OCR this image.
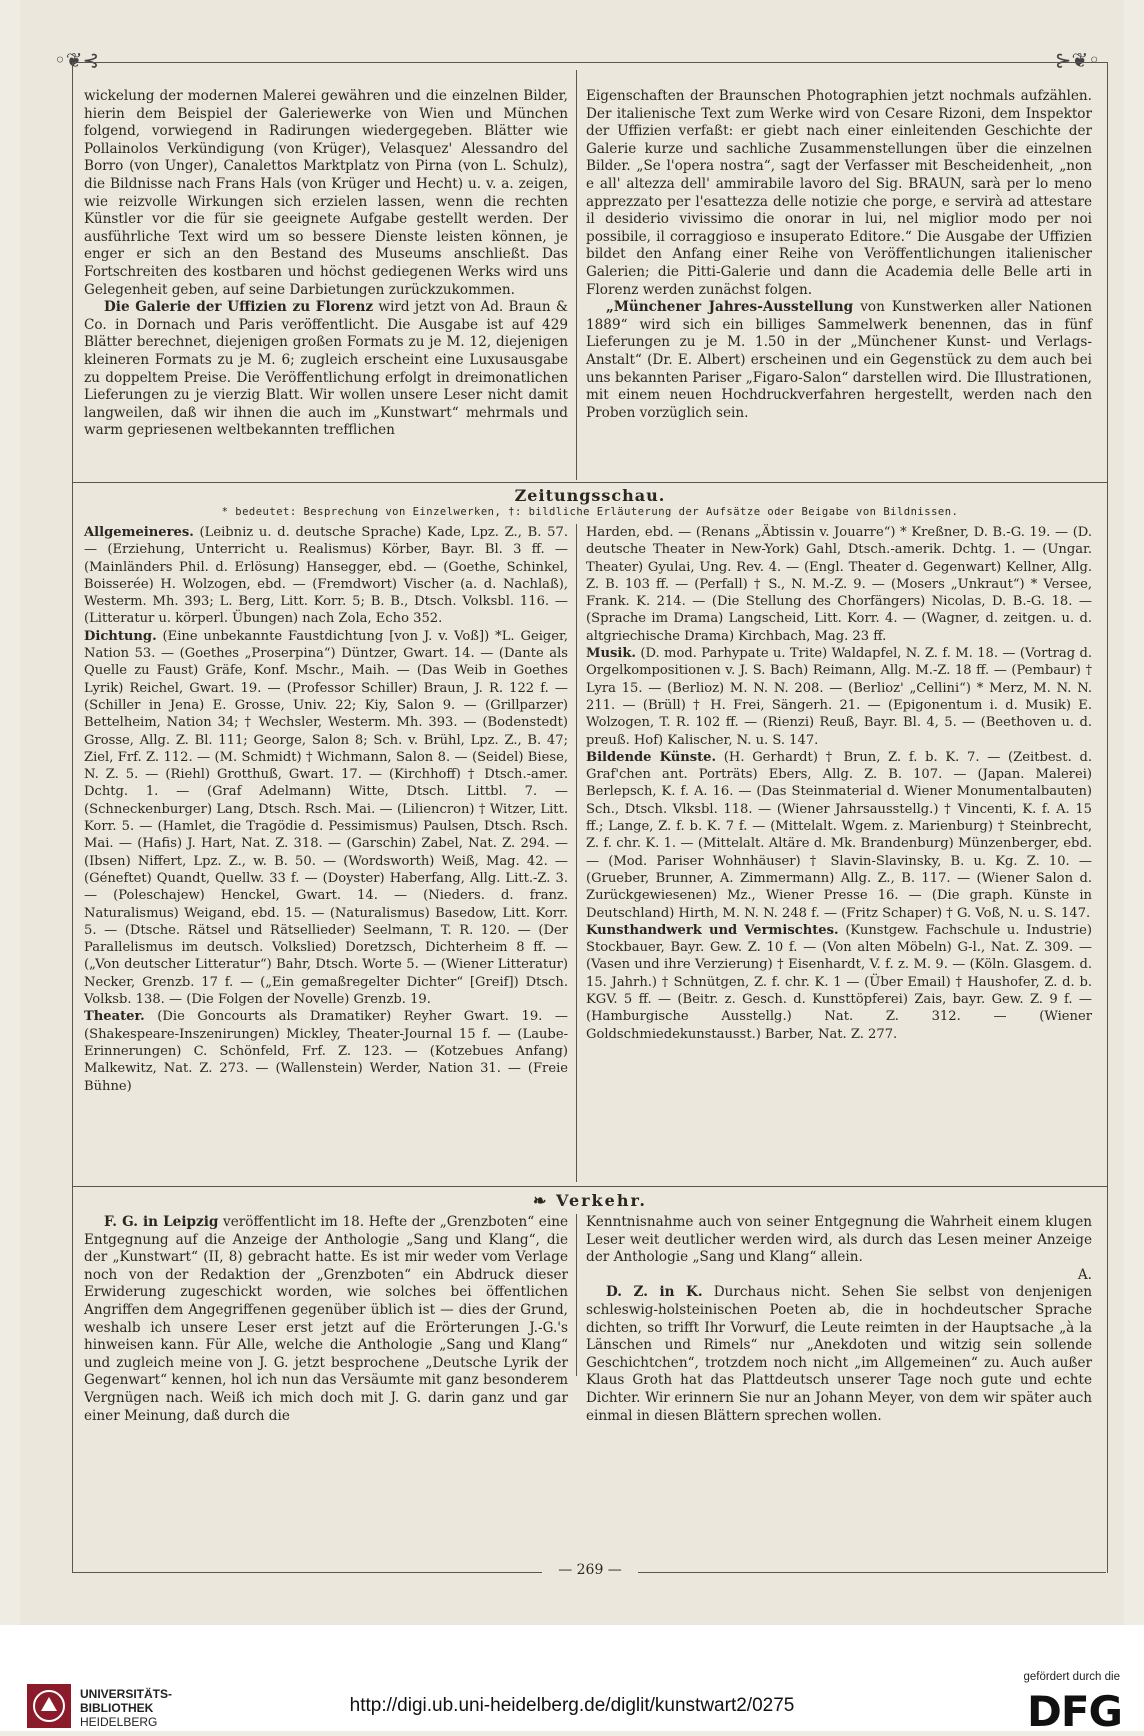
◦❦⊰	⊱❦◦

wickelung der modernen Malerei gewähren und die einzelnen Bilder, hierin dem Beispiel der Galeriewerke von Wien und München folgend, vorwiegend in Radirungen wiedergegeben. Blätter wie Pollainolos Verkündigung (von Krüger), Velasquez' Alessandro del Borro (von Unger), Canalettos Marktplatz von Pirna (von L. Schulz), die Bildnisse nach Frans Hals (von Krüger und Hecht) u. v. a. zeigen, wie reizvolle Wirkungen sich erzielen lassen, wenn die rechten Künstler vor die für sie geeignete Aufgabe gestellt werden. Der ausführliche Text wird um so bessere Dienste leisten können, je enger er sich an den Bestand des Museums anschließt. Das Fortschreiten des kostbaren und höchst gediegenen Werks wird uns Gelegenheit geben, auf seine Darbietungen zurückzukommen.

Die Galerie der Uffizien zu Florenz wird jetzt von Ad. Braun & Co. in Dornach und Paris veröffentlicht. Die Ausgabe ist auf 429 Blätter berechnet, diejenigen großen Formats zu je M. 12, diejenigen kleineren Formats zu je M. 6; zugleich erscheint eine Luxusausgabe zu doppeltem Preise. Die Veröffentlichung erfolgt in dreimonatlichen Lieferungen zu je vierzig Blatt. Wir wollen unsere Leser nicht damit langweilen, daß wir ihnen die auch im „Kunstwart“ mehrmals und warm gepriesenen weltbekannten trefflichen

Eigenschaften der Braunschen Photographien jetzt nochmals aufzählen. Der italienische Text zum Werke wird von Cesare Rizoni, dem Inspektor der Uffizien verfaßt: er giebt nach einer einleitenden Geschichte der Galerie kurze und sachliche Zusammenstellungen über die einzelnen Bilder. „Se l'opera nostra“, sagt der Verfasser mit Bescheidenheit, „non e all' altezza dell' ammirabile lavoro del Sig. BRAUN, sarà per lo meno apprezzato per l'esattezza delle notizie che porge, e servirà ad attestare il desiderio vivissimo die onorar in lui, nel miglior modo per noi possibile, il corraggioso e insuperato Editore.“ Die Ausgabe der Uffizien bildet den Anfang einer Reihe von Veröffentlichungen italienischer Galerien; die Pitti-Galerie und dann die Academia delle Belle arti in Florenz werden zunächst folgen.

„Münchener Jahres-Ausstellung von Kunstwerken aller Nationen 1889“ wird sich ein billiges Sammelwerk benennen, das in fünf Lieferungen zu je M. 1.50 in der „Münchener Kunst- und Verlags-Anstalt“ (Dr. E. Albert) erscheinen und ein Gegenstück zu dem auch bei uns bekannten Pariser „Figaro-Salon“ darstellen wird. Die Illustrationen, mit einem neuen Hochdruckverfahren hergestellt, werden nach den Proben vorzüglich sein.

Zeitungsschau.
* bedeutet: Besprechung von Einzelwerken, †: bildliche Erläuterung der Aufsätze oder Beigabe von Bildnissen.

Allgemeineres. (Leibniz u. d. deutsche Sprache) Kade, Lpz. Z., B. 57. — (Erziehung, Unterricht u. Realismus) Körber, Bayr. Bl. 3 ff. — (Mainländers Phil. d. Erlösung) Hansegger, ebd. — (Goethe, Schinkel, Boisserée) H. Wolzogen, ebd. — (Fremdwort) Vischer (a. d. Nachlaß), Westerm. Mh. 393; L. Berg, Litt. Korr. 5; B. B., Dtsch. Volksbl. 116. — (Litteratur u. körperl. Übungen) nach Zola, Echo 352.

Dichtung. (Eine unbekannte Faustdichtung [von J. v. Voß]) *L. Geiger, Nation 53. — (Goethes „Proserpina“) Düntzer, Gwart. 14. — (Dante als Quelle zu Faust) Gräfe, Konf. Mschr., Maih. — (Das Weib in Goethes Lyrik) Reichel, Gwart. 19. — (Professor Schiller) Braun, J. R. 122 f. — (Schiller in Jena) E. Grosse, Univ. 22; Kiy, Salon 9. — (Grillparzer) Bettelheim, Nation 34; † Wechsler, Westerm. Mh. 393. — (Bodenstedt) Grosse, Allg. Z. Bl. 111; George, Salon 8; Sch. v. Brühl, Lpz. Z., B. 47; Ziel, Frf. Z. 112. — (M. Schmidt) † Wichmann, Salon 8. — (Seidel) Biese, N. Z. 5. — (Riehl) Grotthuß, Gwart. 17. — (Kirchhoff) † Dtsch.-amer. Dchtg. 1. — (Graf Adelmann) Witte, Dtsch. Littbl. 7. — (Schneckenburger) Lang, Dtsch. Rsch. Mai. — (Liliencron) † Witzer, Litt. Korr. 5. — (Hamlet, die Tragödie d. Pessimismus) Paulsen, Dtsch. Rsch. Mai. — (Hafis) J. Hart, Nat. Z. 318. — (Garschin) Zabel, Nat. Z. 294. — (Ibsen) Niffert, Lpz. Z., w. B. 50. — (Wordsworth) Weiß, Mag. 42. — (Géneftet) Quandt, Quellw. 33 f. — (Doyster) Haberfang, Allg. Litt.-Z. 3. — (Poleschajew) Henckel, Gwart. 14. — (Nieders. d. franz. Naturalismus) Weigand, ebd. 15. — (Naturalismus) Basedow, Litt. Korr. 5. — (Dtsche. Rätsel und Rätsellieder) Seelmann, T. R. 120. — (Der Parallelismus im deutsch. Volkslied) Doretzsch, Dichterheim 8 ff. — („Von deutscher Litteratur“) Bahr, Dtsch. Worte 5. — (Wiener Litteratur) Necker, Grenzb. 17 f. — („Ein gemaßregelter Dichter“ [Greif]) Dtsch. Volksb. 138. — (Die Folgen der Novelle) Grenzb. 19.

Theater. (Die Goncourts als Dramatiker) Reyher Gwart. 19. — (Shakespeare-Inszenirungen) Mickley, Theater-Journal 15 f. — (Laube-Erinnerungen) C. Schönfeld, Frf. Z. 123. — (Kotzebues Anfang) Malkewitz, Nat. Z. 273. — (Wallenstein) Werder, Nation 31. — (Freie Bühne)

Harden, ebd. — (Renans „Äbtissin v. Jouarre“) * Kreßner, D. B.-G. 19. — (D. deutsche Theater in New-York) Gahl, Dtsch.-amerik. Dchtg. 1. — (Ungar. Theater) Gyulai, Ung. Rev. 4. — (Engl. Theater d. Gegenwart) Kellner, Allg. Z. B. 103 ff. — (Perfall) † S., N. M.-Z. 9. — (Mosers „Unkraut“) * Versee, Frank. K. 214. — (Die Stellung des Chorfängers) Nicolas, D. B.-G. 18. — (Sprache im Drama) Langscheid, Litt. Korr. 4. — (Wagner, d. zeitgen. u. d. altgriechische Drama) Kirchbach, Mag. 23 ff.

Musik. (D. mod. Parhypate u. Trite) Waldapfel, N. Z. f. M. 18. — (Vortrag d. Orgelkompositionen v. J. S. Bach) Reimann, Allg. M.-Z. 18 ff. — (Pembaur) † Lyra 15. — (Berlioz) M. N. N. 208. — (Berlioz' „Cellini“) * Merz, M. N. N. 211. — (Brüll) † H. Frei, Sängerh. 21. — (Epigonentum i. d. Musik) E. Wolzogen, T. R. 102 ff. — (Rienzi) Reuß, Bayr. Bl. 4, 5. — (Beethoven u. d. preuß. Hof) Kalischer, N. u. S. 147.

Bildende Künste. (H. Gerhardt) † Brun, Z. f. b. K. 7. — (Zeitbest. d. Graf'chen ant. Porträts) Ebers, Allg. Z. B. 107. — (Japan. Malerei) Berlepsch, K. f. A. 16. — (Das Steinmaterial d. Wiener Monumentalbauten) Sch., Dtsch. Vlksbl. 118. — (Wiener Jahrsausstellg.) † Vincenti, K. f. A. 15 ff.; Lange, Z. f. b. K. 7 f. — (Mittelalt. Wgem. z. Marienburg) † Steinbrecht, Z. f. chr. K. 1. — (Mittelalt. Altäre d. Mk. Brandenburg) Münzenberger, ebd. — (Mod. Pariser Wohnhäuser) † Slavin-Slavinsky, B. u. Kg. Z. 10. — (Grueber, Brunner, A. Zimmermann) Allg. Z., B. 117. — (Wiener Salon d. Zurückgewiesenen) Mz., Wiener Presse 16. — (Die graph. Künste in Deutschland) Hirth, M. N. N. 248 f. — (Fritz Schaper) † G. Voß, N. u. S. 147.

Kunsthandwerk und Vermischtes. (Kunstgew. Fachschule u. Industrie) Stockbauer, Bayr. Gew. Z. 10 f. — (Von alten Möbeln) G-l., Nat. Z. 309. — (Vasen und ihre Verzierung) † Eisenhardt, V. f. z. M. 9. — (Köln. Glasgem. d. 15. Jahrh.) † Schnütgen, Z. f. chr. K. 1 — (Über Email) † Haushofer, Z. d. b. KGV. 5 ff. — (Beitr. z. Gesch. d. Kunsttöpferei) Zais, bayr. Gew. Z. 9 f. — (Hamburgische Ausstellg.) Nat. Z. 312. — (Wiener Goldschmiedekunstausst.) Barber, Nat. Z. 277.

❧ Verkehr.

F. G. in Leipzig veröffentlicht im 18. Hefte der „Grenzboten“ eine Entgegnung auf die Anzeige der Anthologie „Sang und Klang“, die der „Kunstwart“ (II, 8) gebracht hatte. Es ist mir weder vom Verlage noch von der Redaktion der „Grenzboten“ ein Abdruck dieser Erwiderung zugeschickt worden, wie solches bei öffentlichen Angriffen dem Angegriffenen gegenüber üblich ist — dies der Grund, weshalb ich unsere Leser erst jetzt auf die Erörterungen J.-G.'s hinweisen kann. Für Alle, welche die Anthologie „Sang und Klang“ und zugleich meine von J. G. jetzt besprochene „Deutsche Lyrik der Gegenwart“ kennen, hol ich nun das Versäumte mit ganz besonderem Vergnügen nach. Weiß ich mich doch mit J. G. darin ganz und gar einer Meinung, daß durch die

Kenntnisnahme auch von seiner Entgegnung die Wahrheit einem klugen Leser weit deutlicher werden wird, als durch das Lesen meiner Anzeige der Anthologie „Sang und Klang“ allein.

A.

D. Z. in K. Durchaus nicht. Sehen Sie selbst von denjenigen schleswig-holsteinischen Poeten ab, die in hochdeutscher Sprache dichten, so trifft Ihr Vorwurf, die Leute reimten in der Hauptsache „à la Länschen und Rimels“ nur „Anekdoten und witzig sein sollende Geschichtchen“, trotzdem noch nicht „im Allgemeinen“ zu. Auch außer Klaus Groth hat das Plattdeutsch unserer Tage noch gute und echte Dichter. Wir erinnern Sie nur an Johann Meyer, von dem wir später auch einmal in diesen Blättern sprechen wollen.

— 269 —
UNIVERSITÄTS-
BIBLIOTHEK
HEIDELBERG
http://digi.ub.uni-heidelberg.de/diglit/kunstwart2/0275
gefördert durch die
DFG
